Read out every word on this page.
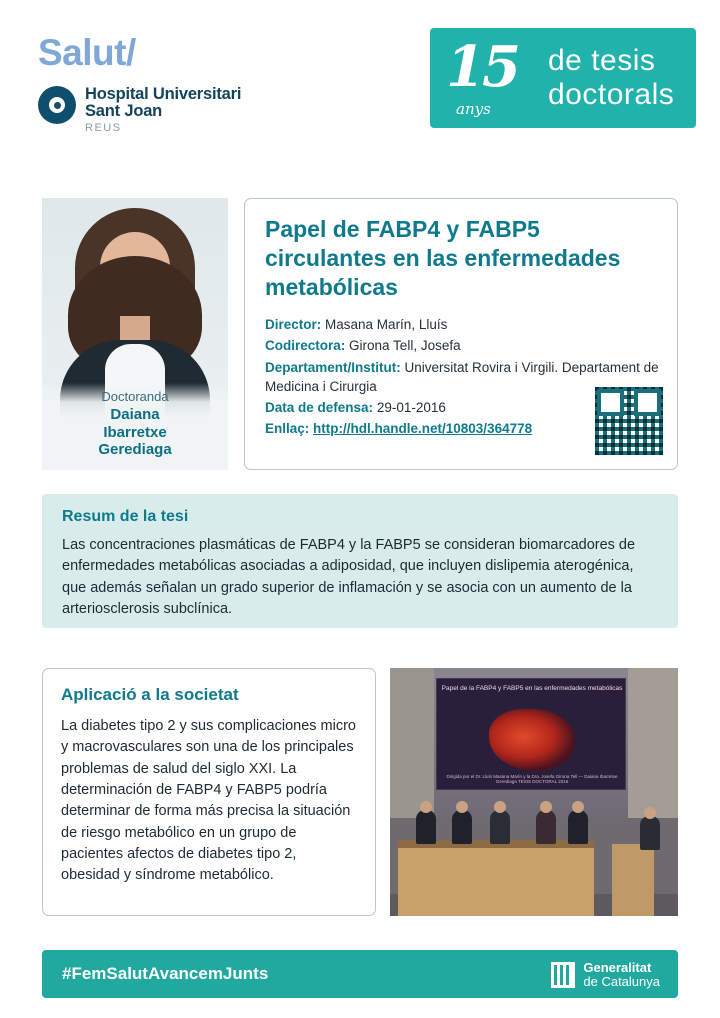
Salut/
Hospital Universitari
Sant Joan
REUS
15
anys
de tesis
doctorals
Doctoranda
Daiana
Ibarretxe
Gerediaga
Papel de FABP4 y FABP5 circulantes en las enfermedades metabólicas
Director: Masana Marín, Lluís
Codirectora: Girona Tell, Josefa
Departament/Institut: Universitat Rovira i Virgili. Departament de Medicina i Cirurgia
Data de defensa: 29-01-2016
Enllaç: http://hdl.handle.net/10803/364778
Resum de la tesi
Las concentraciones plasmáticas de FABP4 y la FABP5 se consideran biomarcadores de enfermedades metabólicas asociadas a adiposidad, que incluyen dislipemia aterogénica, que además señalan un grado superior de inflamación y se asocia con un aumento de la arteriosclerosis subclínica.
Aplicació a la societat
La diabetes tipo 2 y sus complicaciones micro y macrovasculares son una de los principales problemas de salud del siglo XXI. La determinación de FABP4 y FABP5 podría determinar de forma más precisa la situación de riesgo metabólico en un grupo de pacientes afectos de diabetes tipo 2, obesidad y síndrome metabólico.
Papel de la FABP4 y FABP5 en las enfermedades metabólicas
Dirigida por el Dr. Lluís Masana Marín y la Dra. Josefa Girona Tell — Daiana Ibarretxe Gerediaga TESIS DOCTORAL 2016
#FemSalutAvancemJunts	Generalitat
de Catalunya
